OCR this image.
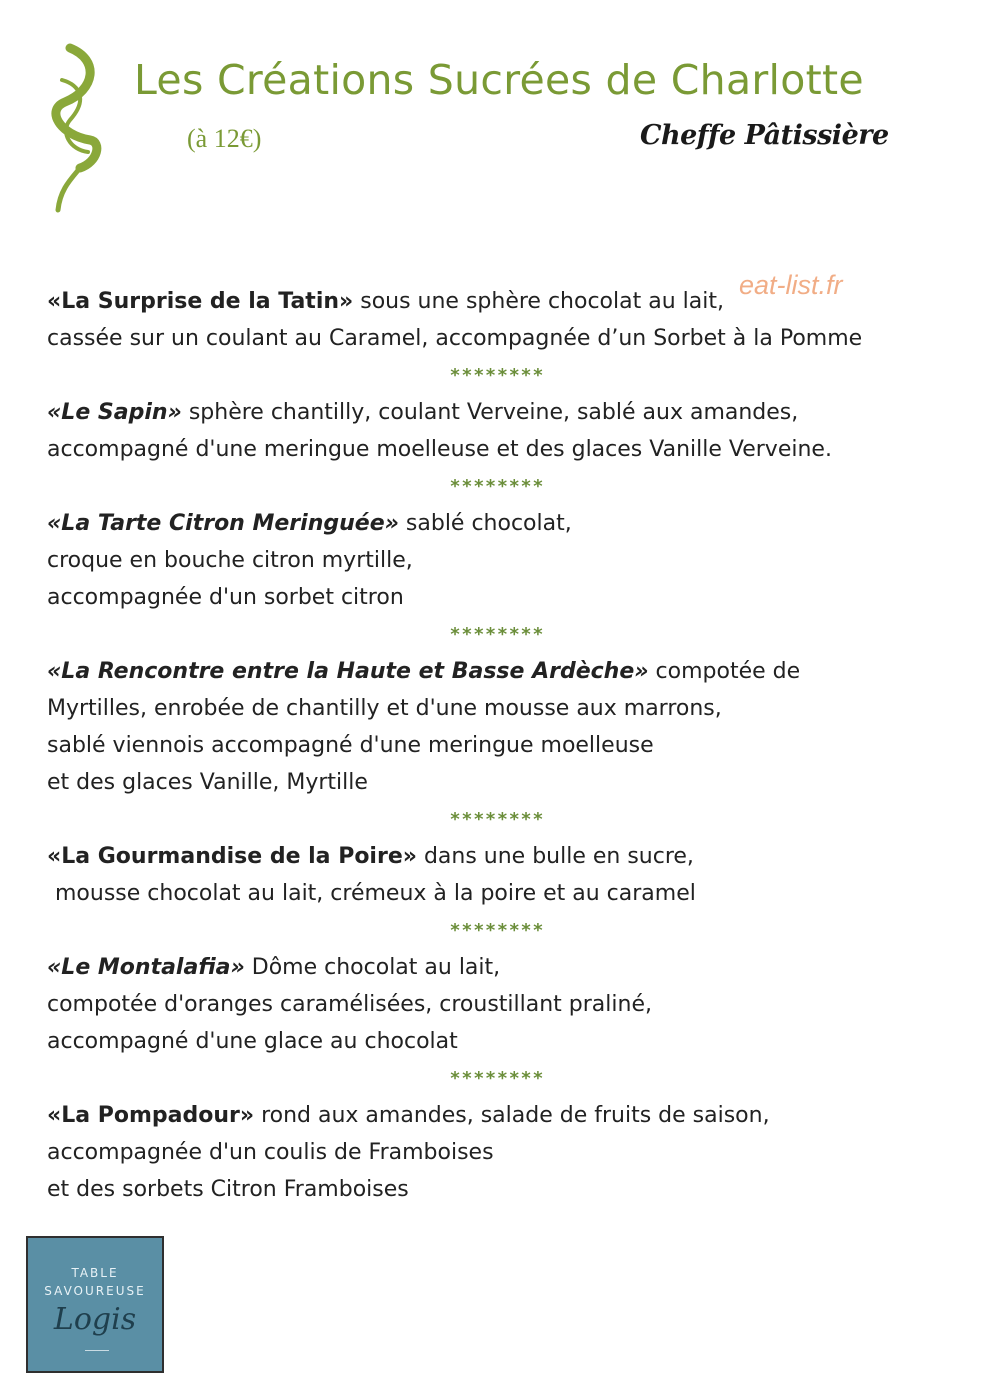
Les Créations Sucrées de Charlotte
(à 12€)	Cheffe Pâtissière
eat-list.fr
«La Surprise de la Tatin» sous une sphère chocolat au lait,
cassée sur un coulant au Caramel, accompagnée d’un Sorbet à la Pomme
********
«Le Sapin» sphère chantilly, coulant Verveine, sablé aux amandes,
accompagné d'une meringue moelleuse et des glaces Vanille Verveine.
********
«La Tarte Citron Meringuée» sablé chocolat,
croque en bouche citron myrtille,
accompagnée d'un sorbet citron
********
«La Rencontre entre la Haute et Basse Ardèche» compotée de
Myrtilles, enrobée de chantilly et d'une mousse aux marrons,
sablé viennois accompagné d'une meringue moelleuse
et des glaces Vanille, Myrtille
********
«La Gourmandise de la Poire» dans une bulle en sucre,
mousse chocolat au lait, crémeux à la poire et au caramel
********
«Le Montalafia» Dôme chocolat au lait,
compotée d'oranges caramélisées, croustillant praliné,
accompagné d'une glace au chocolat
********
«La Pompadour» rond aux amandes, salade de fruits de saison,
accompagnée d'un coulis de Framboises
et des sorbets Citron Framboises
TABLE
SAVOUREUSE
Logis
